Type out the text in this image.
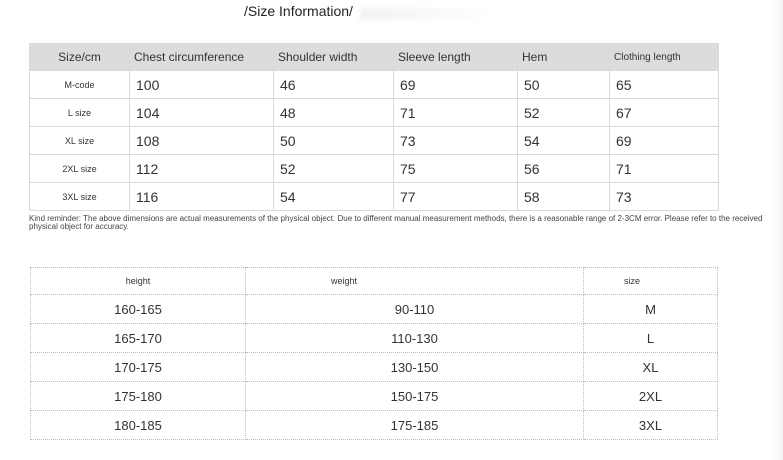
/Size Information/
Size/cm	Chest circumference	Shoulder width	Sleeve length	Hem	Clothing length
M-code	100	46	69	50	65
L size	104	48	71	52	67
XL size	108	50	73	54	69
2XL size	112	52	75	56	71
3XL size	116	54	77	58	73
Kind reminder: The above dimensions are actual measurements of the physical object. Due to different manual measurement methods, there is a reasonable range of 2-3CM error. Please refer to the received physical object for accuracy.
height	weight	size
160-165	90-110	M
165-170	110-130	L
170-175	130-150	XL
175-180	150-175	2XL
180-185	175-185	3XL
